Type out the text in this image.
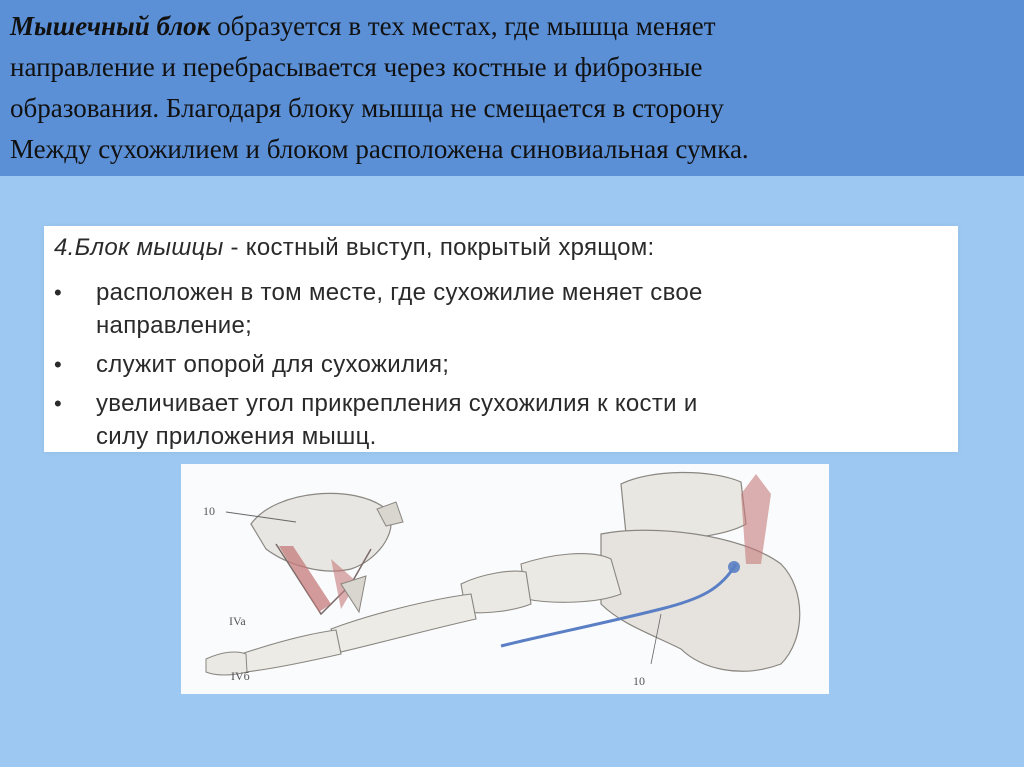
Мышечный блок образуется в тех местах, где мышца меняет
направление и перебрасывается через костные и фиброзные
образования. Благодаря блоку мышца не смещается в сторону
Между сухожилием и блоком расположена синовиальная сумка.
4.Блок мышцы - костный выступ, покрытый хрящом:
• расположен в том месте, где сухожилие меняет свое
направление;
• служит опорой для сухожилия;
• увеличивает угол прикрепления сухожилия к кости и
силу приложения мышц.
10
IVa
IVб	10
